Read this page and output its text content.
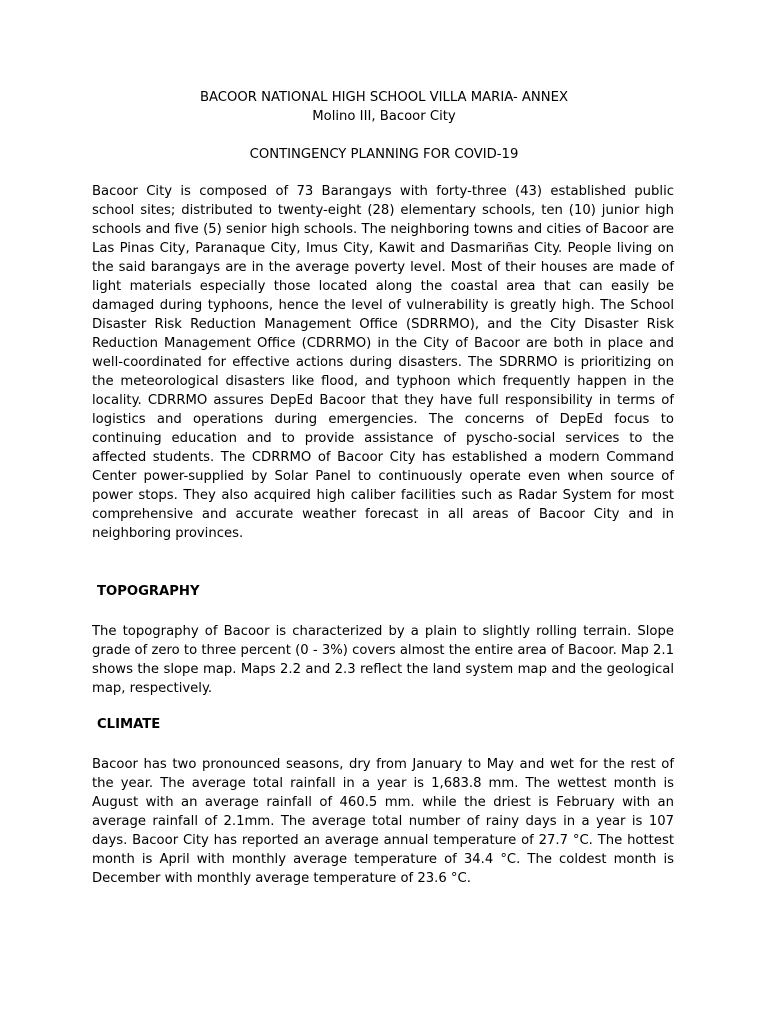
BACOOR NATIONAL HIGH SCHOOL VILLA MARIA- ANNEX
Molino III, Bacoor City
CONTINGENCY PLANNING FOR COVID-19

Bacoor City is composed of 73 Barangays with forty-three (43) established public school sites; distributed to twenty-eight (28) elementary schools, ten (10) junior high schools and five (5) senior high schools. The neighboring towns and cities of Bacoor are Las Pinas City, Paranaque City, Imus City, Kawit and Dasmariñas City. People living on the said barangays are in the average poverty level. Most of their houses are made of light materials especially those located along the coastal area that can easily be damaged during typhoons, hence the level of vulnerability is greatly high. The School Disaster Risk Reduction Management Office (SDRRMO), and the City Disaster Risk Reduction Management Office (CDRRMO) in the City of Bacoor are both in place and well-coordinated for effective actions during disasters. The SDRRMO is prioritizing on the meteorological disasters like flood, and typhoon which frequently happen in the locality. CDRRMO assures DepEd Bacoor that they have full responsibility in terms of logistics and operations during emergencies. The concerns of DepEd focus to continuing education and to provide assistance of pyscho-social services to the affected students. The CDRRMO of Bacoor City has established a modern Command Center power-supplied by Solar Panel to continuously operate even when source of power stops. They also acquired high caliber facilities such as Radar System for most comprehensive and accurate weather forecast in all areas of Bacoor City and in neighboring provinces.

TOPOGRAPHY

The topography of Bacoor is characterized by a plain to slightly rolling terrain. Slope grade of zero to three percent (0 - 3%) covers almost the entire area of Bacoor. Map 2.1 shows the slope map. Maps 2.2 and 2.3 reflect the land system map and the geological map, respectively.

CLIMATE

Bacoor has two pronounced seasons, dry from January to May and wet for the rest of the year. The average total rainfall in a year is 1,683.8 mm. The wettest month is August with an average rainfall of 460.5 mm. while the driest is February with an average rainfall of 2.1mm. The average total number of rainy days in a year is 107 days. Bacoor City has reported an average annual temperature of 27.7 °C. The hottest month is April with monthly average temperature of 34.4 °C. The coldest month is December with monthly average temperature of 23.6 °C.
